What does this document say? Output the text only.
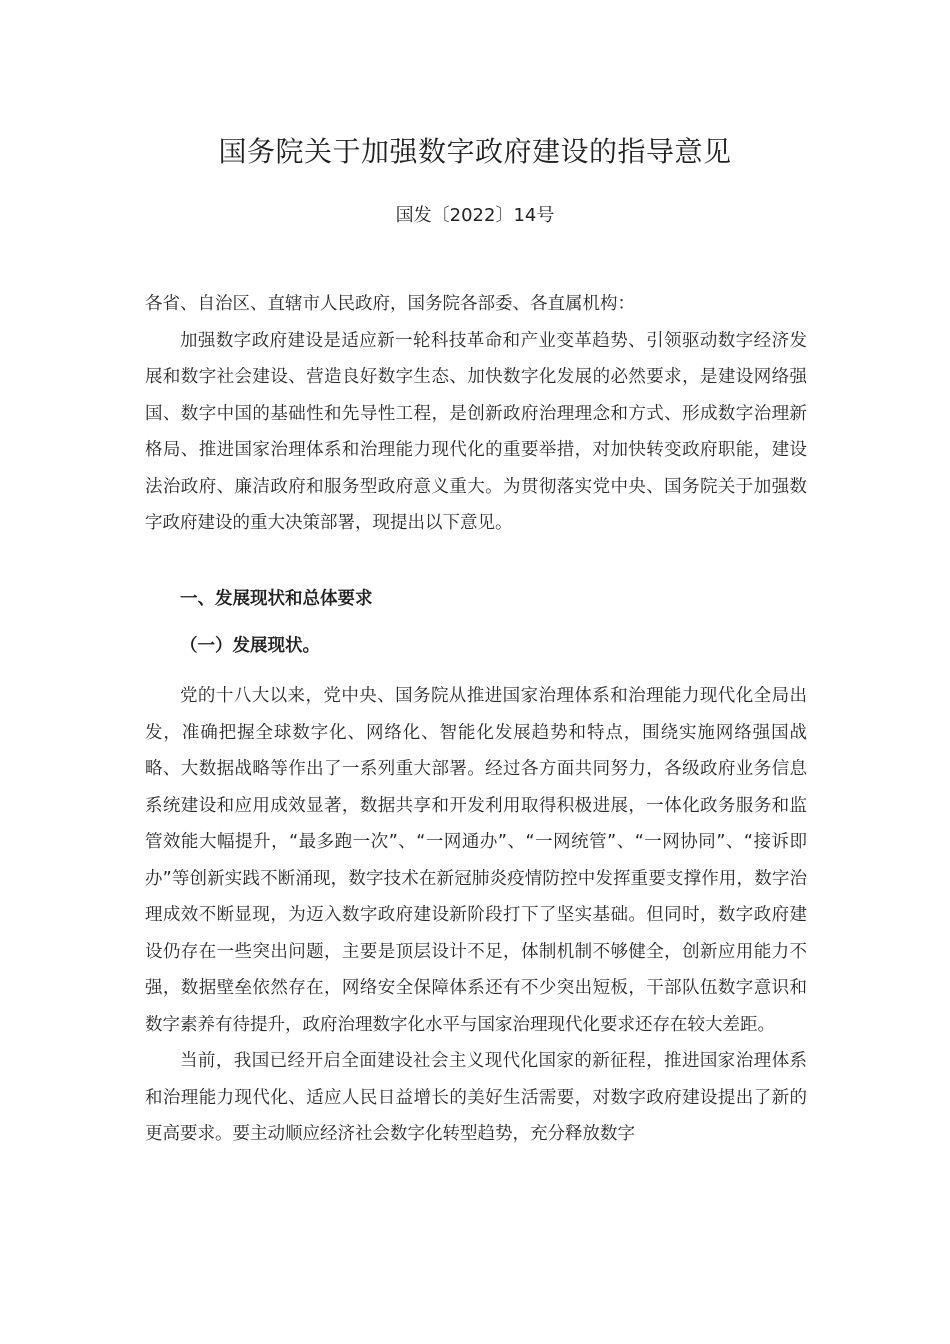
国务院关于加强数字政府建设的指导意见
国发〔2022〕14号

各省、自治区、直辖市人民政府，国务院各部委、各直属机构：

加强数字政府建设是适应新一轮科技革命和产业变革趋势、引领驱动数字经济发展和数字社会建设、营造良好数字生态、加快数字化发展的必然要求，是建设网络强国、数字中国的基础性和先导性工程，是创新政府治理理念和方式、形成数字治理新格局、推进国家治理体系和治理能力现代化的重要举措，对加快转变政府职能，建设法治政府、廉洁政府和服务型政府意义重大。为贯彻落实党中央、国务院关于加强数字政府建设的重大决策部署，现提出以下意见。

一、发展现状和总体要求

（一）发展现状。

党的十八大以来，党中央、国务院从推进国家治理体系和治理能力现代化全局出发，准确把握全球数字化、网络化、智能化发展趋势和特点，围绕实施网络强国战略、大数据战略等作出了一系列重大部署。经过各方面共同努力，各级政府业务信息系统建设和应用成效显著，数据共享和开发利用取得积极进展，一体化政务服务和监管效能大幅提升，“最多跑一次”、“一网通办”、“一网统管”、“一网协同”、“接诉即办”等创新实践不断涌现，数字技术在新冠肺炎疫情防控中发挥重要支撑作用，数字治理成效不断显现，为迈入数字政府建设新阶段打下了坚实基础。但同时，数字政府建设仍存在一些突出问题，主要是顶层设计不足，体制机制不够健全，创新应用能力不强，数据壁垒依然存在，网络安全保障体系还有不少突出短板，干部队伍数字意识和数字素养有待提升，政府治理数字化水平与国家治理现代化要求还存在较大差距。

当前，我国已经开启全面建设社会主义现代化国家的新征程，推进国家治理体系和治理能力现代化、适应人民日益增长的美好生活需要，对数字政府建设提出了新的更高要求。要主动顺应经济社会数字化转型趋势，充分释放数字
